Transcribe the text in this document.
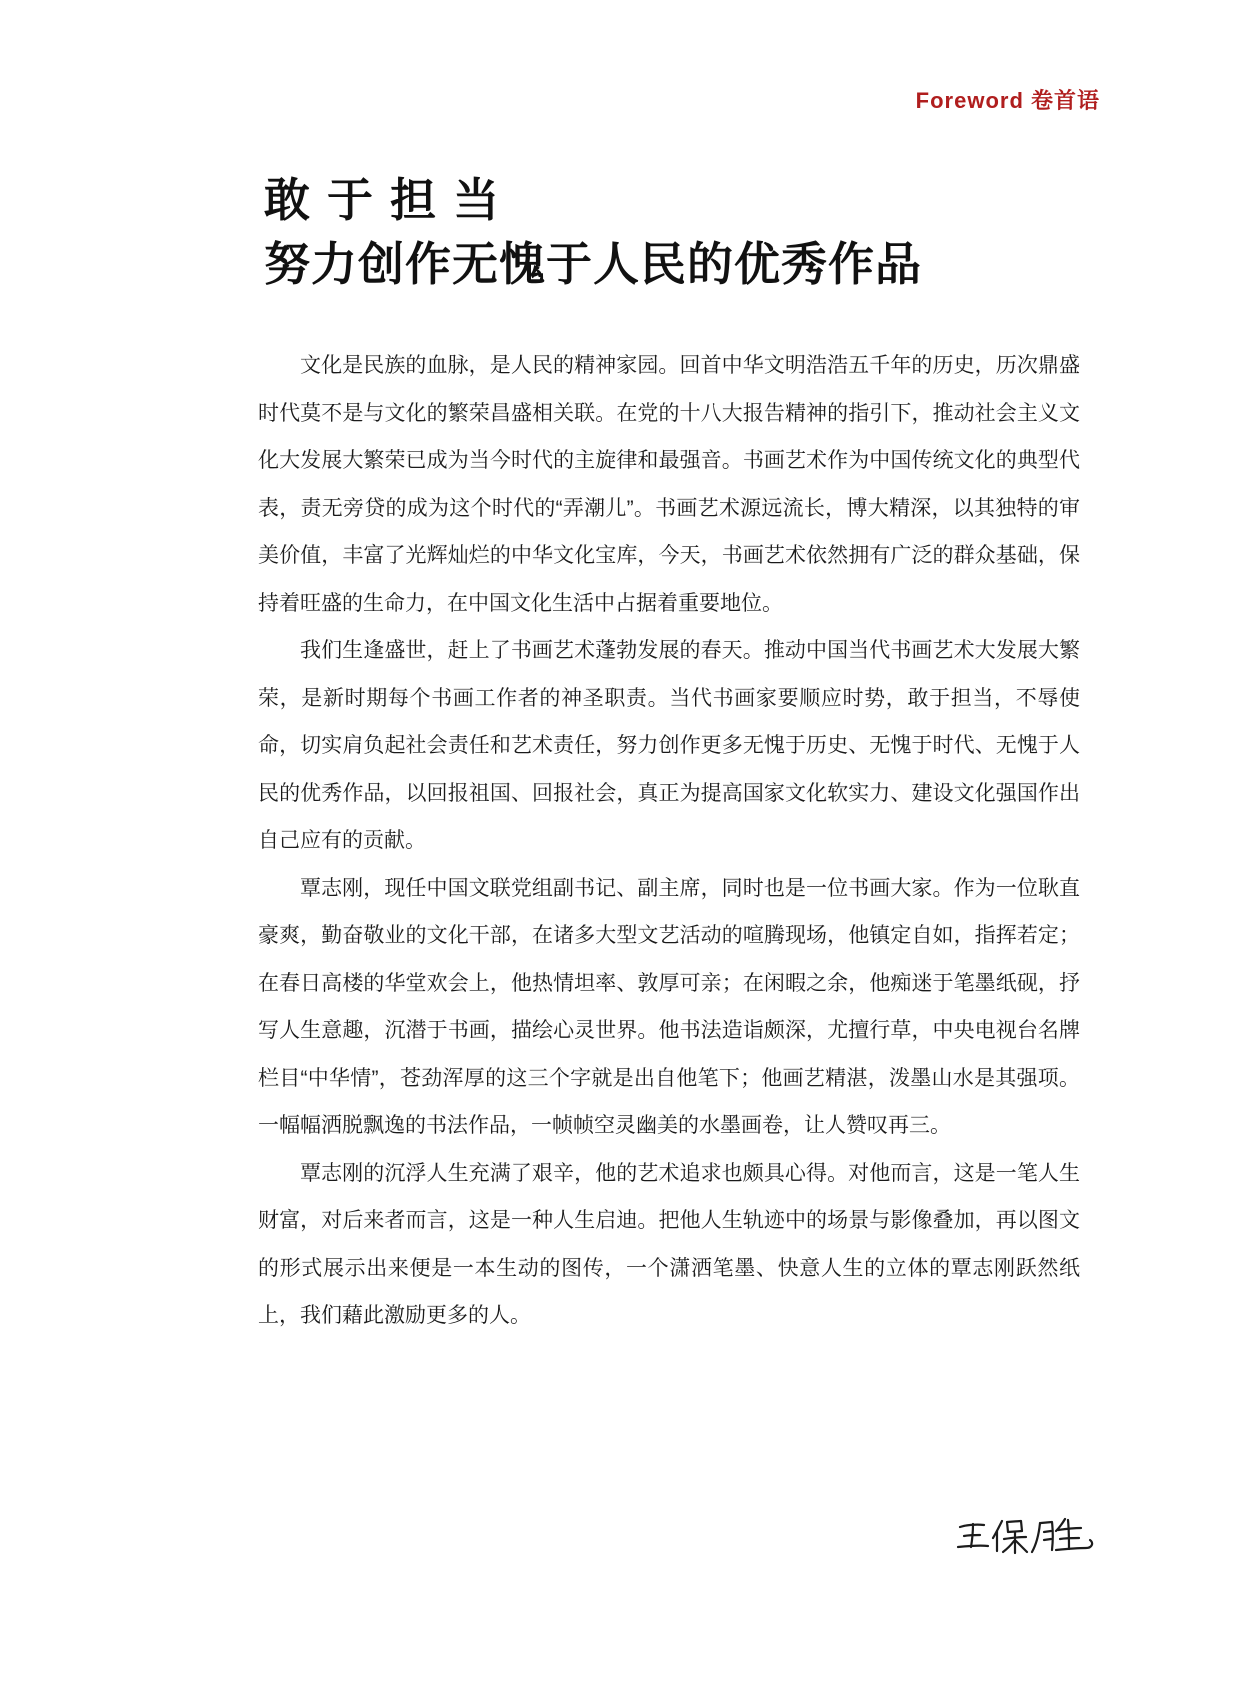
Foreword 卷首语
敢于担当
努力创作无愧于人民的优秀作品

文化是民族的血脉，是人民的精神家园。回首中华文明浩浩五千年的历史，历次鼎盛时代莫不是与文化的繁荣昌盛相关联。在党的十八大报告精神的指引下，推动社会主义文化大发展大繁荣已成为当今时代的主旋律和最强音。书画艺术作为中国传统文化的典型代表，责无旁贷的成为这个时代的“弄潮儿”。书画艺术源远流长，博大精深，以其独特的审美价值，丰富了光辉灿烂的中华文化宝库，今天，书画艺术依然拥有广泛的群众基础，保持着旺盛的生命力，在中国文化生活中占据着重要地位。

我们生逢盛世，赶上了书画艺术蓬勃发展的春天。推动中国当代书画艺术大发展大繁荣，是新时期每个书画工作者的神圣职责。当代书画家要顺应时势，敢于担当，不辱使命，切实肩负起社会责任和艺术责任，努力创作更多无愧于历史、无愧于时代、无愧于人民的优秀作品，以回报祖国、回报社会，真正为提高国家文化软实力、建设文化强国作出自己应有的贡献。

覃志刚，现任中国文联党组副书记、副主席，同时也是一位书画大家。作为一位耿直豪爽，勤奋敬业的文化干部，在诸多大型文艺活动的喧腾现场，他镇定自如，指挥若定；在春日高楼的华堂欢会上，他热情坦率、敦厚可亲；在闲暇之余，他痴迷于笔墨纸砚，抒写人生意趣，沉潜于书画，描绘心灵世界。他书法造诣颇深，尤擅行草，中央电视台名牌栏目“中华情”，苍劲浑厚的这三个字就是出自他笔下；他画艺精湛，泼墨山水是其强项。一幅幅洒脱飘逸的书法作品，一帧帧空灵幽美的水墨画卷，让人赞叹再三。

覃志刚的沉浮人生充满了艰辛，他的艺术追求也颇具心得。对他而言，这是一笔人生财富，对后来者而言，这是一种人生启迪。把他人生轨迹中的场景与影像叠加，再以图文的形式展示出来便是一本生动的图传，一个潇洒笔墨、快意人生的立体的覃志刚跃然纸上，我们藉此激励更多的人。
